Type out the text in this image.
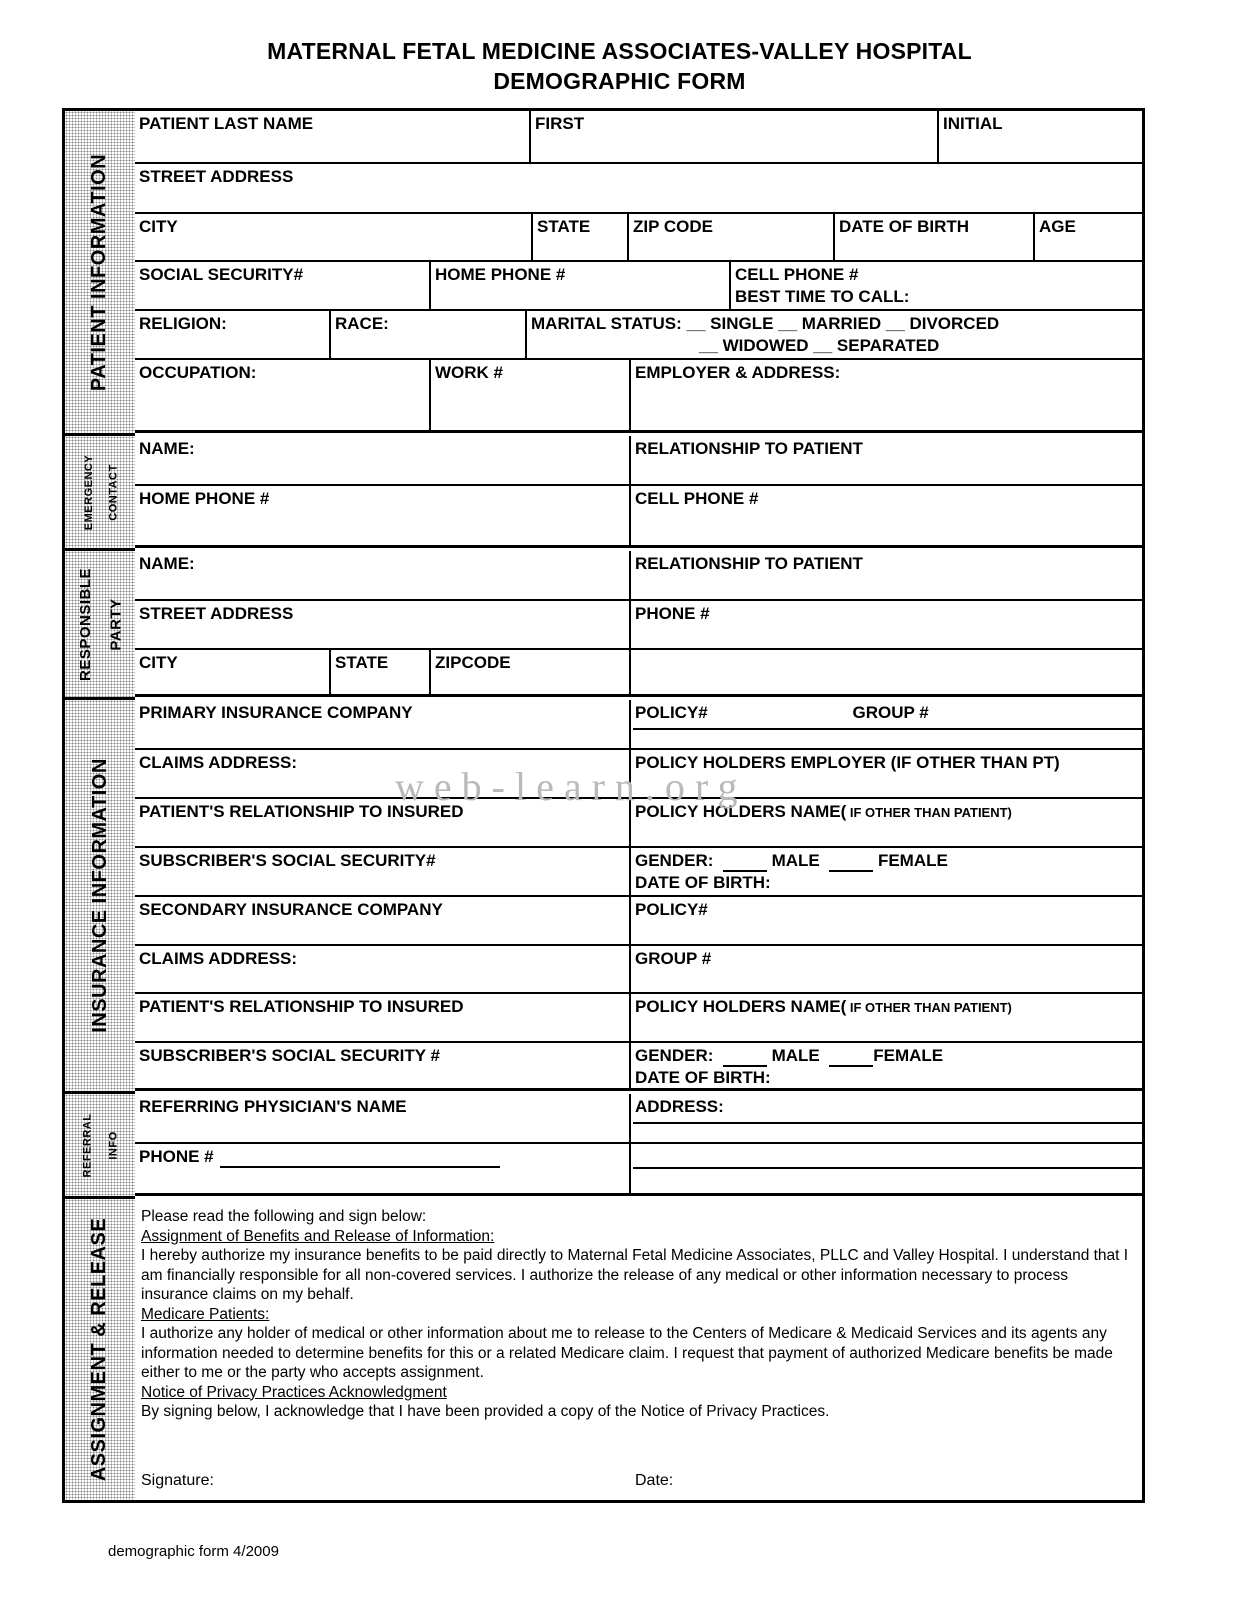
MATERNAL FETAL MEDICINE ASSOCIATES-VALLEY HOSPITAL
DEMOGRAPHIC FORM
web-learn.org
PATIENT INFORMATION
EMERGENCY CONTACT
RESPONSIBLE PARTY
INSURANCE INFORMATION
REFERRAL INFO
ASSIGNMENT & RELEASE
PATIENT LAST NAME	FIRST	INITIAL
STREET ADDRESS
CITY	STATE	ZIP CODE	DATE OF BIRTH	AGE
SOCIAL SECURITY#	HOME PHONE #	CELL PHONE #
BEST TIME TO CALL:
RELIGION:	RACE:	MARITAL STATUS: __ SINGLE __ MARRIED __ DIVORCED
__ WIDOWED __ SEPARATED
OCCUPATION:	WORK #	EMPLOYER & ADDRESS:
NAME:	RELATIONSHIP TO PATIENT
HOME PHONE #	CELL PHONE #
NAME:	RELATIONSHIP TO PATIENT
STREET ADDRESS	PHONE #
CITY	STATE	ZIPCODE
PRIMARY INSURANCE COMPANY	POLICY#	GROUP #
CLAIMS ADDRESS:	POLICY HOLDERS EMPLOYER (IF OTHER THAN PT)
PATIENT'S RELATIONSHIP TO INSURED	POLICY HOLDERS NAME( IF OTHER THAN PATIENT)
SUBSCRIBER'S SOCIAL SECURITY#	GENDER:	MALE	FEMALE
DATE OF BIRTH:
SECONDARY INSURANCE COMPANY	POLICY#
CLAIMS ADDRESS:	GROUP #
PATIENT'S RELATIONSHIP TO INSURED	POLICY HOLDERS NAME( IF OTHER THAN PATIENT)
SUBSCRIBER'S SOCIAL SECURITY #	GENDER:	MALE	FEMALE
DATE OF BIRTH:
REFERRING PHYSICIAN'S NAME	ADDRESS:
PHONE #

Please read the following and sign below:

Assignment of Benefits and Release of Information:

I hereby authorize my insurance benefits to be paid directly to Maternal Fetal Medicine Associates, PLLC and Valley Hospital. I understand that I am financially responsible for all non-covered services. I authorize the release of any medical or other information necessary to process insurance claims on my behalf.

Medicare Patients:

I authorize any holder of medical or other information about me to release to the Centers of Medicare & Medicaid Services and its agents any information needed to determine benefits for this or a related Medicare claim. I request that payment of authorized Medicare benefits be made either to me or the party who accepts assignment.

Notice of Privacy Practices Acknowledgment

By signing below, I acknowledge that I have been provided a copy of the Notice of Privacy Practices.

Signature:	Date:
demographic form 4/2009
